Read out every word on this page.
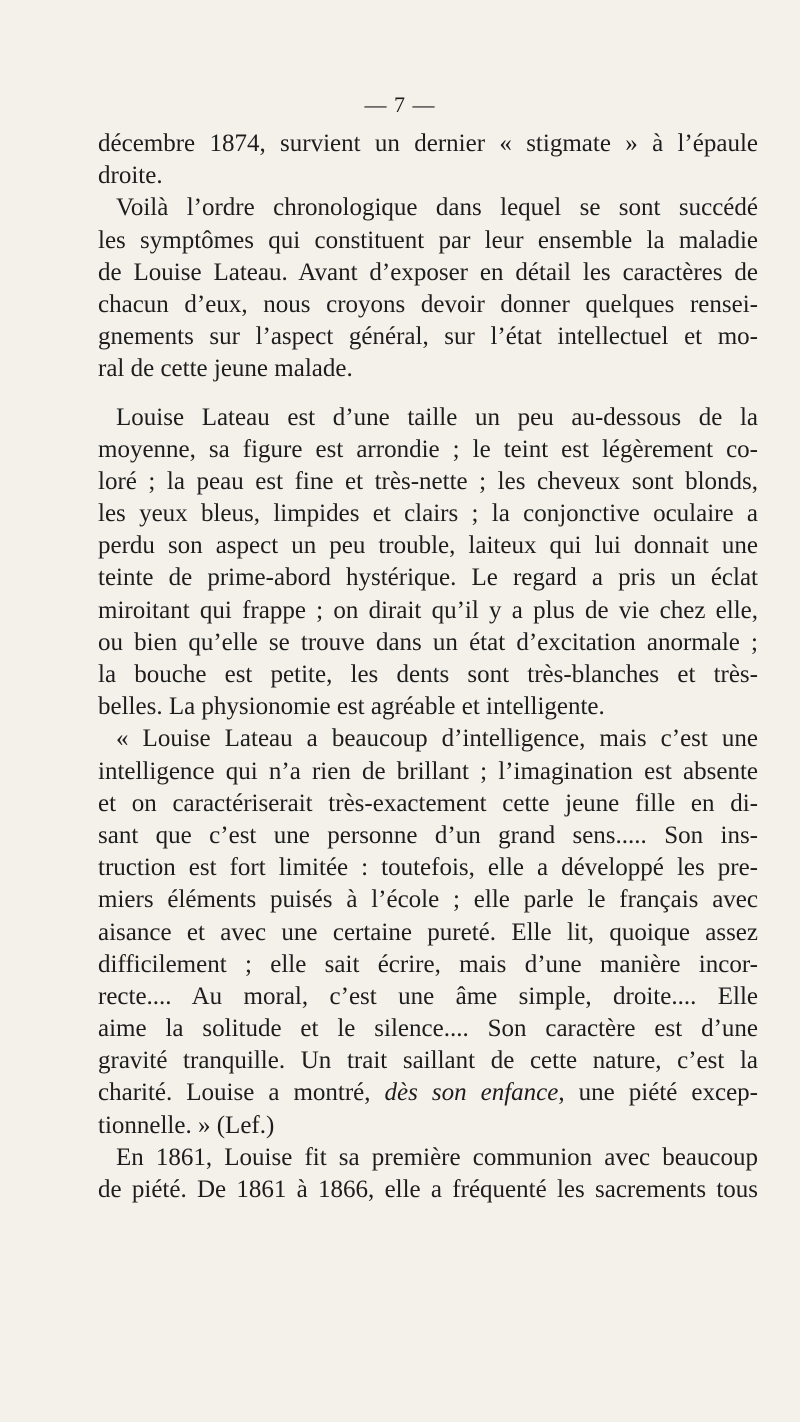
— 7 —
décembre 1874, survient un dernier « stigmate » à l’épaule
droite.
Voilà l’ordre chronologique dans lequel se sont succédé
les symptômes qui constituent par leur ensemble la maladie
de Louise Lateau. Avant d’exposer en détail les caractères de
chacun d’eux, nous croyons devoir donner quelques rensei-
gnements sur l’aspect général, sur l’état intellectuel et mo-
ral de cette jeune malade.
Louise Lateau est d’une taille un peu au-dessous de la
moyenne, sa figure est arrondie ; le teint est légèrement co-
loré ; la peau est fine et très-nette ; les cheveux sont blonds,
les yeux bleus, limpides et clairs ; la conjonctive oculaire a
perdu son aspect un peu trouble, laiteux qui lui donnait une
teinte de prime-abord hystérique. Le regard a pris un éclat
miroitant qui frappe ; on dirait qu’il y a plus de vie chez elle,
ou bien qu’elle se trouve dans un état d’excitation anormale ;
la bouche est petite, les dents sont très-blanches et très-
belles. La physionomie est agréable et intelligente.
« Louise Lateau a beaucoup d’intelligence, mais c’est une
intelligence qui n’a rien de brillant ; l’imagination est absente
et on caractériserait très-exactement cette jeune fille en di-
sant que c’est une personne d’un grand sens..... Son ins-
truction est fort limitée : toutefois, elle a développé les pre-
miers éléments puisés à l’école ; elle parle le français avec
aisance et avec une certaine pureté. Elle lit, quoique assez
difficilement ; elle sait écrire, mais d’une manière incor-
recte.... Au moral, c’est une âme simple, droite.... Elle
aime la solitude et le silence.... Son caractère est d’une
gravité tranquille. Un trait saillant de cette nature, c’est la
charité. Louise a montré, dès son enfance, une piété excep-
tionnelle. » (Lef.)
En 1861, Louise fit sa première communion avec beaucoup
de piété. De 1861 à 1866, elle a fréquenté les sacrements tous
